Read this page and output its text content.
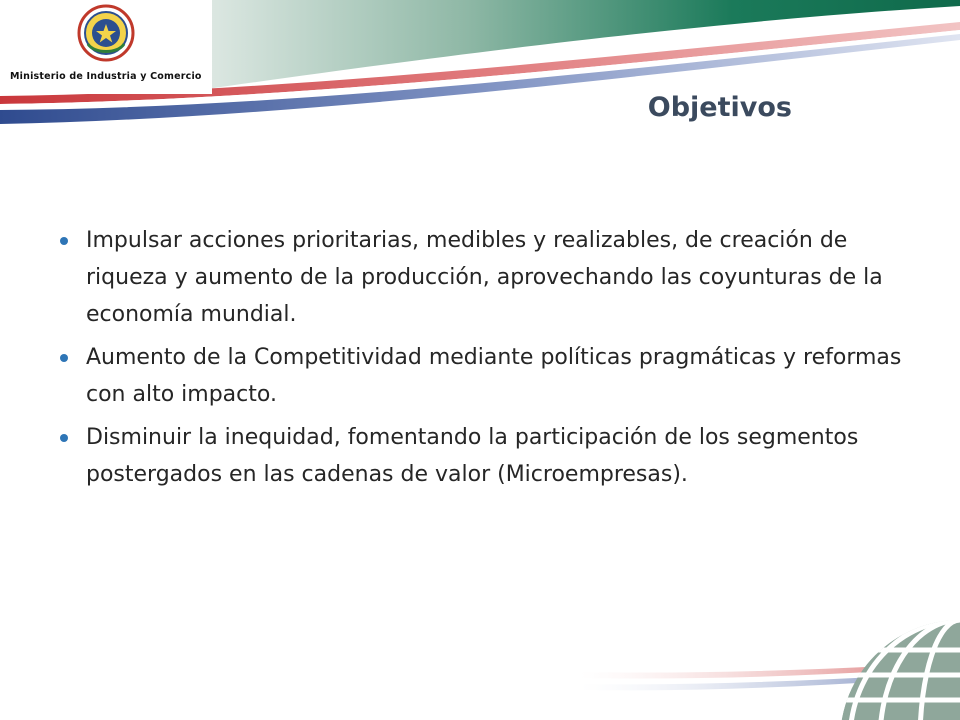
Ministerio de Industria y Comercio
Objetivos
Impulsar acciones prioritarias, medibles y realizables, de creación de riqueza y aumento de la producción, aprovechando las coyunturas de la economía mundial.
Aumento de la Competitividad mediante políticas pragmáticas y reformas con alto impacto.
Disminuir la inequidad, fomentando la participación de los segmentos postergados en las cadenas de valor (Microempresas).
